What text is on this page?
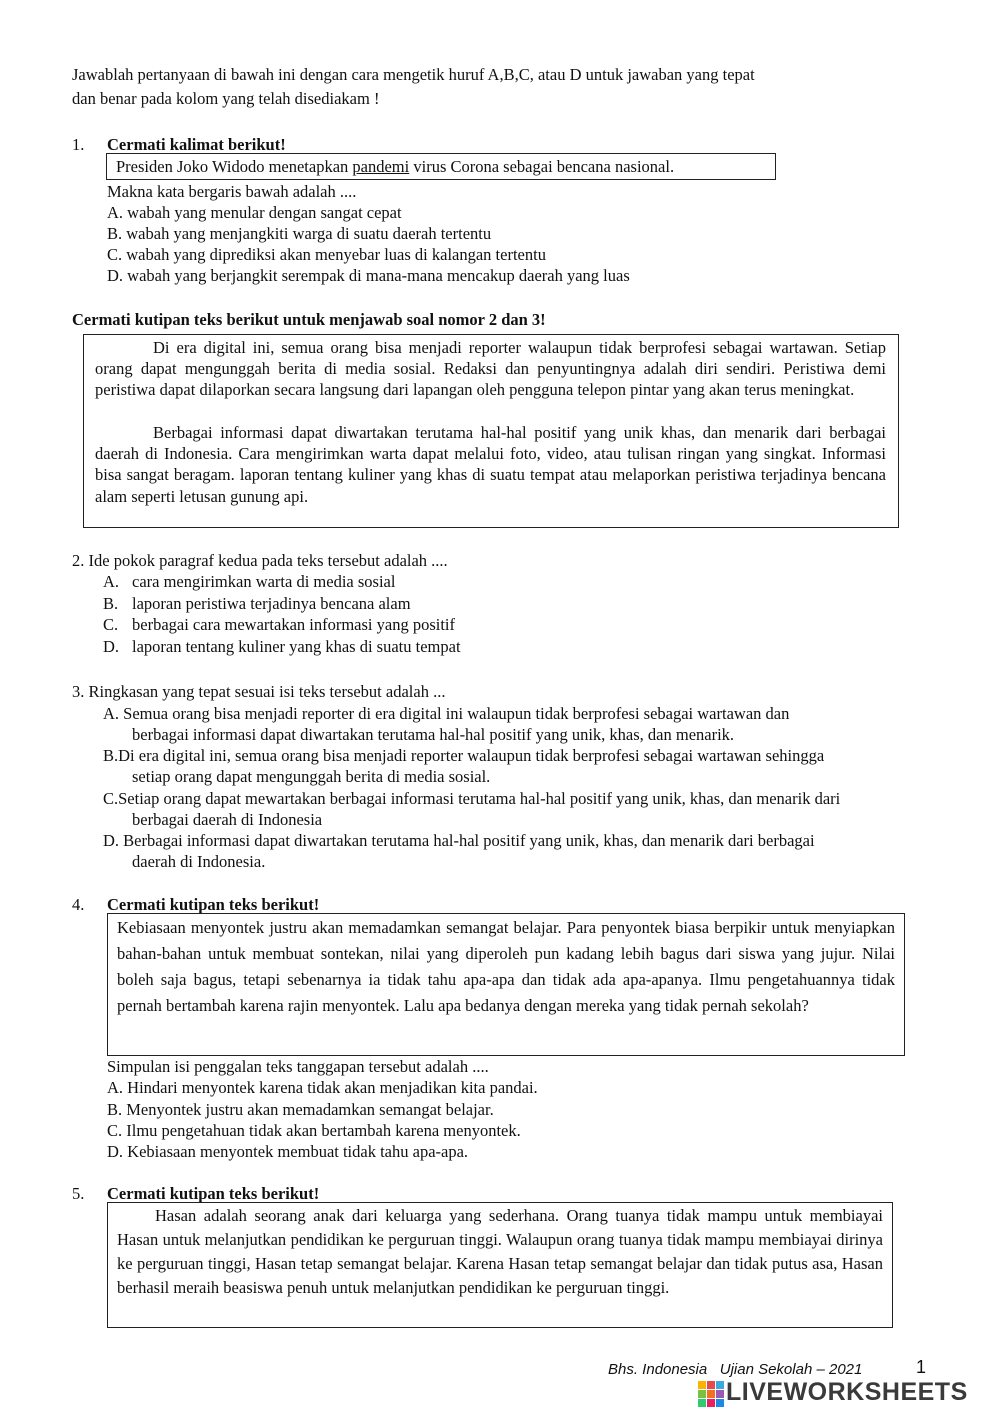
Jawablah pertanyaan di bawah ini dengan cara mengetik huruf A,B,C, atau D untuk jawaban yang tepat
dan benar pada kolom yang telah disediakam !
1. Cermati kalimat berikut!
Presiden Joko Widodo menetapkan pandemi virus Corona sebagai bencana nasional.
Makna kata bergaris bawah adalah ....
A. wabah yang menular dengan sangat cepat
B. wabah yang menjangkiti warga di suatu daerah tertentu
C. wabah yang diprediksi akan menyebar luas di kalangan tertentu
D. wabah yang berjangkit serempak di mana-mana mencakup daerah yang luas
Cermati kutipan teks berikut untuk menjawab soal nomor 2 dan 3!
Di era digital ini, semua orang bisa menjadi reporter walaupun tidak berprofesi sebagai wartawan. Setiap orang dapat mengunggah berita di media sosial. Redaksi dan penyuntingnya adalah diri sendiri. Peristiwa demi peristiwa dapat dilaporkan secara langsung dari lapangan oleh pengguna telepon pintar yang akan terus meningkat.
Berbagai informasi dapat diwartakan terutama hal-hal positif yang unik khas, dan menarik dari berbagai daerah di Indonesia. Cara mengirimkan warta dapat melalui foto, video, atau tulisan ringan yang singkat. Informasi bisa sangat beragam. laporan tentang kuliner yang khas di suatu tempat atau melaporkan peristiwa terjadinya bencana alam seperti letusan gunung api.
2. Ide pokok paragraf kedua pada teks tersebut adalah ....
A. cara mengirimkan warta di media sosial
B. laporan peristiwa terjadinya bencana alam
C. berbagai cara mewartakan informasi yang positif
D. laporan tentang kuliner yang khas di suatu tempat
3. Ringkasan yang tepat sesuai isi teks tersebut adalah ...
A. Semua orang bisa menjadi reporter di era digital ini walaupun tidak berprofesi sebagai wartawan dan
berbagai informasi dapat diwartakan terutama hal-hal positif yang unik, khas, dan menarik.
B.Di era digital ini, semua orang bisa menjadi reporter walaupun tidak berprofesi sebagai wartawan sehingga
setiap orang dapat mengunggah berita di media sosial.
C.Setiap orang dapat mewartakan berbagai informasi terutama hal-hal positif yang unik, khas, dan menarik dari
berbagai daerah di Indonesia
D. Berbagai informasi dapat diwartakan terutama hal-hal positif yang unik, khas, dan menarik dari berbagai
daerah di Indonesia.
4. Cermati kutipan teks berikut!
Kebiasaan menyontek justru akan memadamkan semangat belajar. Para penyontek biasa berpikir untuk menyiapkan bahan-bahan untuk membuat sontekan, nilai yang diperoleh pun kadang lebih bagus dari siswa yang jujur. Nilai boleh saja bagus, tetapi sebenarnya ia tidak tahu apa-apa dan tidak ada apa-apanya. Ilmu pengetahuannya tidak pernah bertambah karena rajin menyontek. Lalu apa bedanya dengan mereka yang tidak pernah sekolah?
Simpulan isi penggalan teks tanggapan tersebut adalah ....
A. Hindari menyontek karena tidak akan menjadikan kita pandai.
B. Menyontek justru akan memadamkan semangat belajar.
C. Ilmu pengetahuan tidak akan bertambah karena menyontek.
D. Kebiasaan menyontek membuat tidak tahu apa-apa.
5. Cermati kutipan teks berikut!
Hasan adalah seorang anak dari keluarga yang sederhana. Orang tuanya tidak mampu untuk membiayai Hasan untuk melanjutkan pendidikan ke perguruan tinggi. Walaupun orang tuanya tidak mampu membiayai dirinya ke perguruan tinggi, Hasan tetap semangat belajar. Karena Hasan tetap semangat belajar dan tidak putus asa, Hasan berhasil meraih beasiswa penuh untuk melanjutkan pendidikan ke perguruan tinggi.
Bhs. Indonesia   Ujian Sekolah – 2021	1
LIVEWORKSHEETS
